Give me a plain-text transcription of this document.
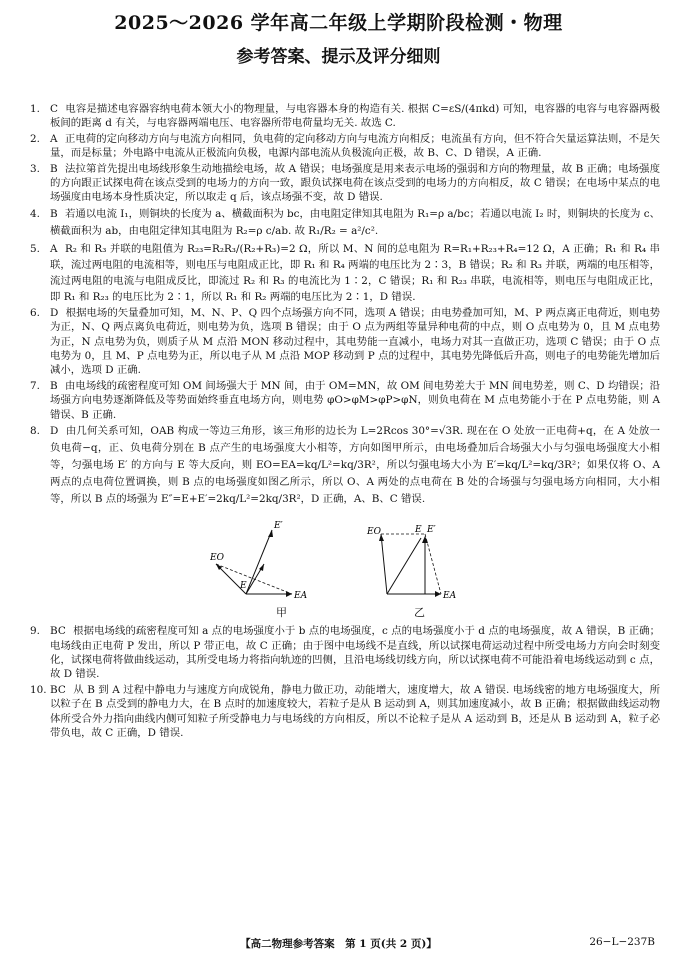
2025～2026 学年高二年级上学期阶段检测・物理
参考答案、提示及评分细则
1. C 电容是描述电容器容纳电荷本领大小的物理量，与电容器本身的构造有关. 根据 C=εS/(4πkd) 可知，电容器的电容与电容器两极板间的距离 d 有关，与电容器两端电压、电容器所带电荷量均无关. 故选 C.
2. A 正电荷的定向移动方向与电流方向相同，负电荷的定向移动方向与电流方向相反；电流虽有方向，但不符合矢量运算法则，不是矢量，而是标量；外电路中电流从正极流向负极，电源内部电流从负极流向正极，故 B、C、D 错误，A 正确.
3. B 法拉第首先提出电场线形象生动地描绘电场，故 A 错误；电场强度是用来表示电场的强弱和方向的物理量，故 B 正确；电场强度的方向跟正试探电荷在该点受到的电场力的方向一致，跟负试探电荷在该点受到的电场力的方向相反，故 C 错误；在电场中某点的电场强度由电场本身性质决定，所以取走 q 后，该点场强不变，故 D 错误.
4. B 若通以电流 I₁，则铜块的长度为 a、横截面积为 bc，由电阻定律知其电阻为 R₁=ρ a/bc；若通以电流 I₂ 时，则铜块的长度为 c、横截面积为 ab，由电阻定律知其电阻为 R₂=ρ c/ab. 故 R₁/R₂ = a²/c².
5. A R₂ 和 R₃ 并联的电阻值为 R₂₃=R₂R₃/(R₂+R₃)=2 Ω，所以 M、N 间的总电阻为 R=R₁+R₂₃+R₄=12 Ω，A 正确；R₁ 和 R₄ 串联，流过两电阻的电流相等，则电压与电阻成正比，即 R₁ 和 R₄ 两端的电压比为 2∶3，B 错误；R₂ 和 R₃ 并联，两端的电压相等，流过两电阻的电流与电阻成反比，即流过 R₂ 和 R₃ 的电流比为 1∶2，C 错误；R₁ 和 R₂₃ 串联，电流相等，则电压与电阻成正比，即 R₁ 和 R₂₃ 的电压比为 2∶1，所以 R₁ 和 R₂ 两端的电压比为 2∶1，D 错误.
6. D 根据电场的矢量叠加可知，M、N、P、Q 四个点场强方向不同，选项 A 错误；由电势叠加可知，M、P 两点离正电荷近，则电势为正，N、Q 两点离负电荷近，则电势为负，选项 B 错误；由于 O 点为两组等量异种电荷的中点，则 O 点电势为 0，且 M 点电势为正，N 点电势为负，则质子从 M 点沿 MON 移动过程中，其电势能一直减小，电场力对其一直做正功，选项 C 错误；由于 O 点电势为 0，且 M、P 点电势为正，所以电子从 M 点沿 MOP 移动到 P 点的过程中，其电势先降低后升高，则电子的电势能先增加后减小，选项 D 正确.
7. B 由电场线的疏密程度可知 OM 间场强大于 MN 间，由于 OM=MN，故 OM 间电势差大于 MN 间电势差，则 C、D 均错误；沿场强方向电势逐渐降低及等势面始终垂直电场方向，则电势 φO>φM>φP>φN，则负电荷在 M 点电势能小于在 P 点电势能，则 A 错误、B 正确.
8. D 由几何关系可知，OAB 构成一等边三角形，该三角形的边长为 L=2Rcos 30°=√3R. 现在在 O 处放一正电荷+q，在 A 处放一负电荷−q，正、负电荷分别在 B 点产生的电场强度大小相等，方向如图甲所示，由电场叠加后合场强大小与匀强电场强度大小相等，匀强电场 E′ 的方向与 E 等大反向，则 EO=EA=kq/L²=kq/3R²，所以匀强电场大小为 E′=kq/L²=kq/3R²；如果仅将 O、A 两点的点电荷位置调换，则 B 点的电场强度如图乙所示，所以 O、A 两处的点电荷在 B 处的合场强与匀强电场方向相同，大小相等，所以 B 点的场强为 E″=E+E′=2kq/L²=2kq/3R²，D 正确，A、B、C 错误.
E′
EO
EA
E
甲
EO	E E′
EA
乙
9. BC 根据电场线的疏密程度可知 a 点的电场强度小于 b 点的电场强度，c 点的电场强度小于 d 点的电场强度，故 A 错误，B 正确；电场线由正电荷 P 发出，所以 P 带正电，故 C 正确；由于图中电场线不是直线，所以试探电荷运动过程中所受电场力方向会时刻变化，试探电荷将做曲线运动，其所受电场力将指向轨迹的凹侧，且沿电场线切线方向，所以试探电荷不可能沿着电场线运动到 c 点，故 D 错误.
10. BC 从 B 到 A 过程中静电力与速度方向成锐角，静电力做正功，动能增大，速度增大，故 A 错误. 电场线密的地方电场强度大，所以粒子在 B 点受到的静电力大，在 B 点时的加速度较大，若粒子是从 B 运动到 A，则其加速度减小，故 B 正确；根据做曲线运动物体所受合外力指向曲线内侧可知粒子所受静电力与电场线的方向相反，所以不论粒子是从 A 运动到 B，还是从 B 运动到 A，粒子必带负电，故 C 正确，D 错误.
【高二物理参考答案　第 1 页(共 2 页)】	26−L−237B
